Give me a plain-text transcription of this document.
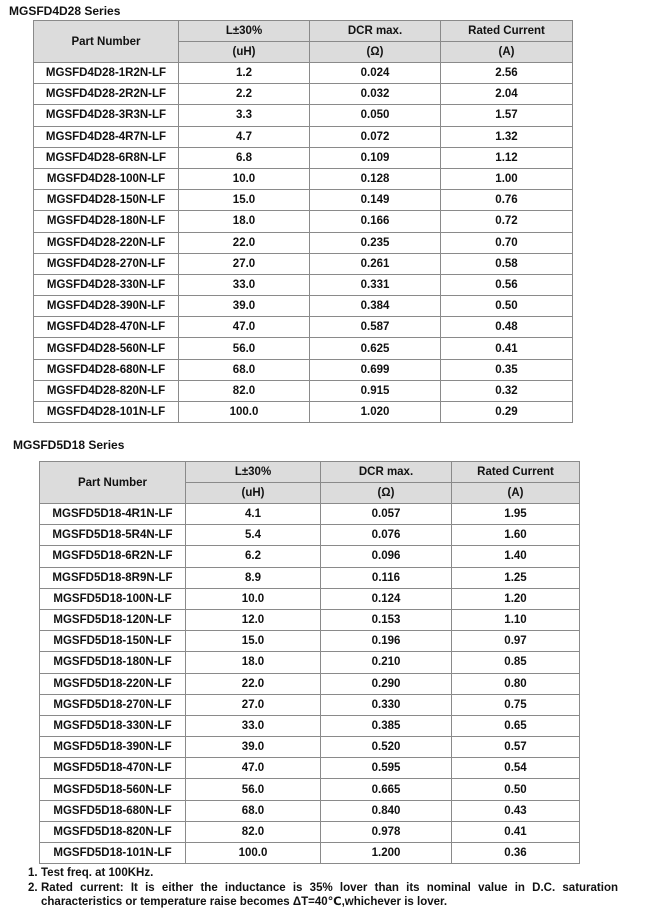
MGSFD4D28 Series
Part Number	L±30%	DCR max.	Rated Current
	(uH)	(Ω)	(A)
MGSFD4D28-1R2N-LF	1.2	0.024	2.56
MGSFD4D28-2R2N-LF	2.2	0.032	2.04
MGSFD4D28-3R3N-LF	3.3	0.050	1.57
MGSFD4D28-4R7N-LF	4.7	0.072	1.32
MGSFD4D28-6R8N-LF	6.8	0.109	1.12
MGSFD4D28-100N-LF	10.0	0.128	1.00
MGSFD4D28-150N-LF	15.0	0.149	0.76
MGSFD4D28-180N-LF	18.0	0.166	0.72
MGSFD4D28-220N-LF	22.0	0.235	0.70
MGSFD4D28-270N-LF	27.0	0.261	0.58
MGSFD4D28-330N-LF	33.0	0.331	0.56
MGSFD4D28-390N-LF	39.0	0.384	0.50
MGSFD4D28-470N-LF	47.0	0.587	0.48
MGSFD4D28-560N-LF	56.0	0.625	0.41
MGSFD4D28-680N-LF	68.0	0.699	0.35
MGSFD4D28-820N-LF	82.0	0.915	0.32
MGSFD4D28-101N-LF	100.0	1.020	0.29
MGSFD5D18 Series
Part Number	L±30%	DCR max.	Rated Current
	(uH)	(Ω)	(A)
MGSFD5D18-4R1N-LF	4.1	0.057	1.95
MGSFD5D18-5R4N-LF	5.4	0.076	1.60
MGSFD5D18-6R2N-LF	6.2	0.096	1.40
MGSFD5D18-8R9N-LF	8.9	0.116	1.25
MGSFD5D18-100N-LF	10.0	0.124	1.20
MGSFD5D18-120N-LF	12.0	0.153	1.10
MGSFD5D18-150N-LF	15.0	0.196	0.97
MGSFD5D18-180N-LF	18.0	0.210	0.85
MGSFD5D18-220N-LF	22.0	0.290	0.80
MGSFD5D18-270N-LF	27.0	0.330	0.75
MGSFD5D18-330N-LF	33.0	0.385	0.65
MGSFD5D18-390N-LF	39.0	0.520	0.57
MGSFD5D18-470N-LF	47.0	0.595	0.54
MGSFD5D18-560N-LF	56.0	0.665	0.50
MGSFD5D18-680N-LF	68.0	0.840	0.43
MGSFD5D18-820N-LF	82.0	0.978	0.41
MGSFD5D18-101N-LF	100.0	1.200	0.36
1. Test freq. at 100KHz.
2. Rated current: It is either the inductance is 35% lover than its nominal value in D.C. saturation characteristics or temperature raise becomes ΔT=40℃,whichever is lover.
